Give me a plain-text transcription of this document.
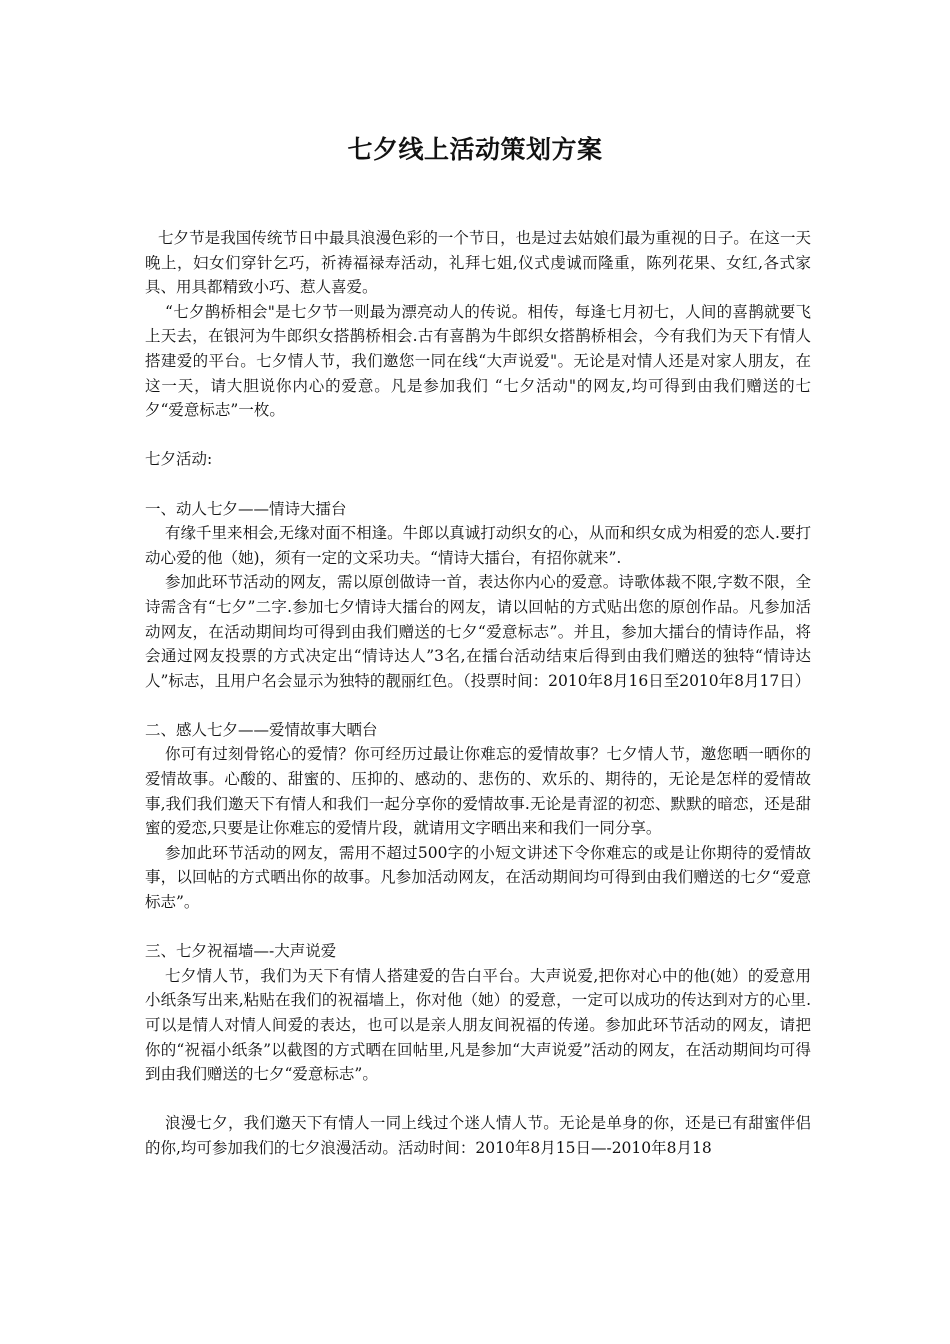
七夕线上活动策划方案

七夕节是我国传统节日中最具浪漫色彩的一个节日，也是过去姑娘们最为重视的日子。在这一天晚上，妇女们穿针乞巧，祈祷福禄寿活动，礼拜七姐,仪式虔诚而隆重，陈列花果、女红,各式家具、用具都精致小巧、惹人喜爱。

“七夕鹊桥相会"是七夕节一则最为漂亮动人的传说。相传，每逢七月初七，人间的喜鹊就要飞上天去，在银河为牛郎织女搭鹊桥相会.古有喜鹊为牛郎织女搭鹊桥相会，今有我们为天下有情人搭建爱的平台。七夕情人节，我们邀您一同在线“大声说爱"。无论是对情人还是对家人朋友，在这一天，请大胆说你内心的爱意。凡是参加我们 “七夕活动"的网友,均可得到由我们赠送的七夕“爱意标志”一枚。

七夕活动:

一、动人七夕——情诗大擂台

有缘千里来相会,无缘对面不相逢。牛郎以真诚打动织女的心，从而和织女成为相爱的恋人.要打动心爱的他（她)，须有一定的文采功夫。“情诗大擂台，有招你就来”.

参加此环节活动的网友，需以原创做诗一首，表达你内心的爱意。诗歌体裁不限,字数不限，全诗需含有“七夕”二字.参加七夕情诗大擂台的网友，请以回帖的方式贴出您的原创作品。凡参加活动网友，在活动期间均可得到由我们赠送的七夕“爱意标志”。并且，参加大擂台的情诗作品，将会通过网友投票的方式决定出“情诗达人”3名,在擂台活动结束后得到由我们赠送的独特“情诗达人”标志，且用户名会显示为独特的靓丽红色。（投票时间：2010年8月16日至2010年8月17日）

二、感人七夕——爱情故事大晒台

你可有过刻骨铭心的爱情？你可经历过最让你难忘的爱情故事？七夕情人节，邀您晒一晒你的爱情故事。心酸的、甜蜜的、压抑的、感动的、悲伤的、欢乐的、期待的，无论是怎样的爱情故事,我们我们邀天下有情人和我们一起分享你的爱情故事.无论是青涩的初恋、默默的暗恋，还是甜蜜的爱恋,只要是让你难忘的爱情片段，就请用文字晒出来和我们一同分享。

参加此环节活动的网友，需用不超过500字的小短文讲述下令你难忘的或是让你期待的爱情故事，以回帖的方式晒出你的故事。凡参加活动网友，在活动期间均可得到由我们赠送的七夕“爱意标志”。

三、七夕祝福墙—-大声说爱

七夕情人节，我们为天下有情人搭建爱的告白平台。大声说爱,把你对心中的他(她）的爱意用小纸条写出来,粘贴在我们的祝福墙上，你对他（她）的爱意，一定可以成功的传达到对方的心里.可以是情人对情人间爱的表达，也可以是亲人朋友间祝福的传递。参加此环节活动的网友，请把你的“祝福小纸条”以截图的方式晒在回帖里,凡是参加“大声说爱”活动的网友，在活动期间均可得到由我们赠送的七夕“爱意标志”。

浪漫七夕，我们邀天下有情人一同上线过个迷人情人节。无论是单身的你，还是已有甜蜜伴侣的你,均可参加我们的七夕浪漫活动。活动时间：2010年8月15日—-2010年8月18
